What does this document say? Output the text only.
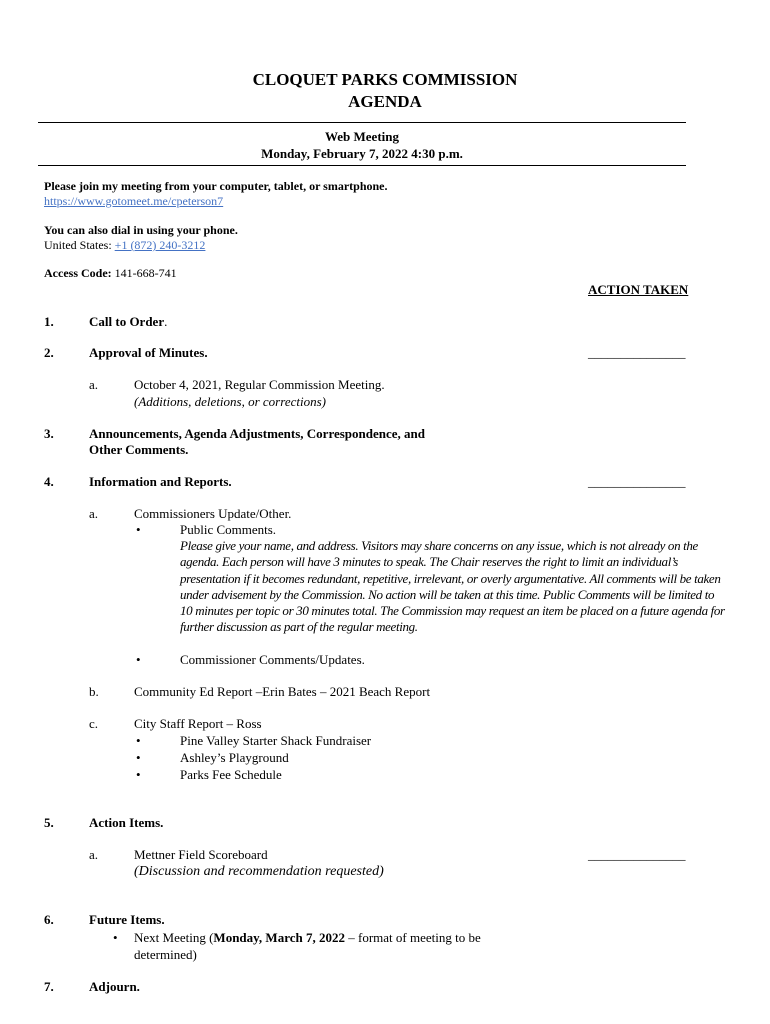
CLOQUET PARKS COMMISSION
AGENDA
Web Meeting
Monday, February 7, 2022 4:30 p.m.
Please join my meeting from your computer, tablet, or smartphone.
https://www.gotomeet.me/cpeterson7
You can also dial in using your phone.
United States: +1 (872) 240-3212
Access Code: 141-668-741
ACTION TAKEN
1.	Call to Order.
2.	Approval of Minutes.	_______________
a.	October 4, 2021, Regular Commission Meeting.
(Additions, deletions, or corrections)
3.	Announcements, Agenda Adjustments, Correspondence, and
Other Comments.
4.	Information and Reports.	_______________
a.	Commissioners Update/Other.
•	Public Comments.
Please give your name, and address. Visitors may share concerns on any issue, which is not already on the agenda. Each person will have 3 minutes to speak. The Chair reserves the right to limit an individual’s presentation if it becomes redundant, repetitive, irrelevant, or overly argumentative. All comments will be taken under advisement by the Commission. No action will be taken at this time. Public Comments will be limited to 10 minutes per topic or 30 minutes total. The Commission may request an item be placed on a future agenda for further discussion as part of the regular meeting.
•	Commissioner Comments/Updates.
b.	Community Ed Report –Erin Bates – 2021 Beach Report
c.	City Staff Report – Ross
•	Pine Valley Starter Shack Fundraiser
•	Ashley’s Playground
•	Parks Fee Schedule
5.	Action Items.
a.	Mettner Field Scoreboard	_______________
(Discussion and recommendation requested)
6.	Future Items.
• Next Meeting (Monday, March 7, 2022 – format of meeting to be
determined)
7.	Adjourn.
